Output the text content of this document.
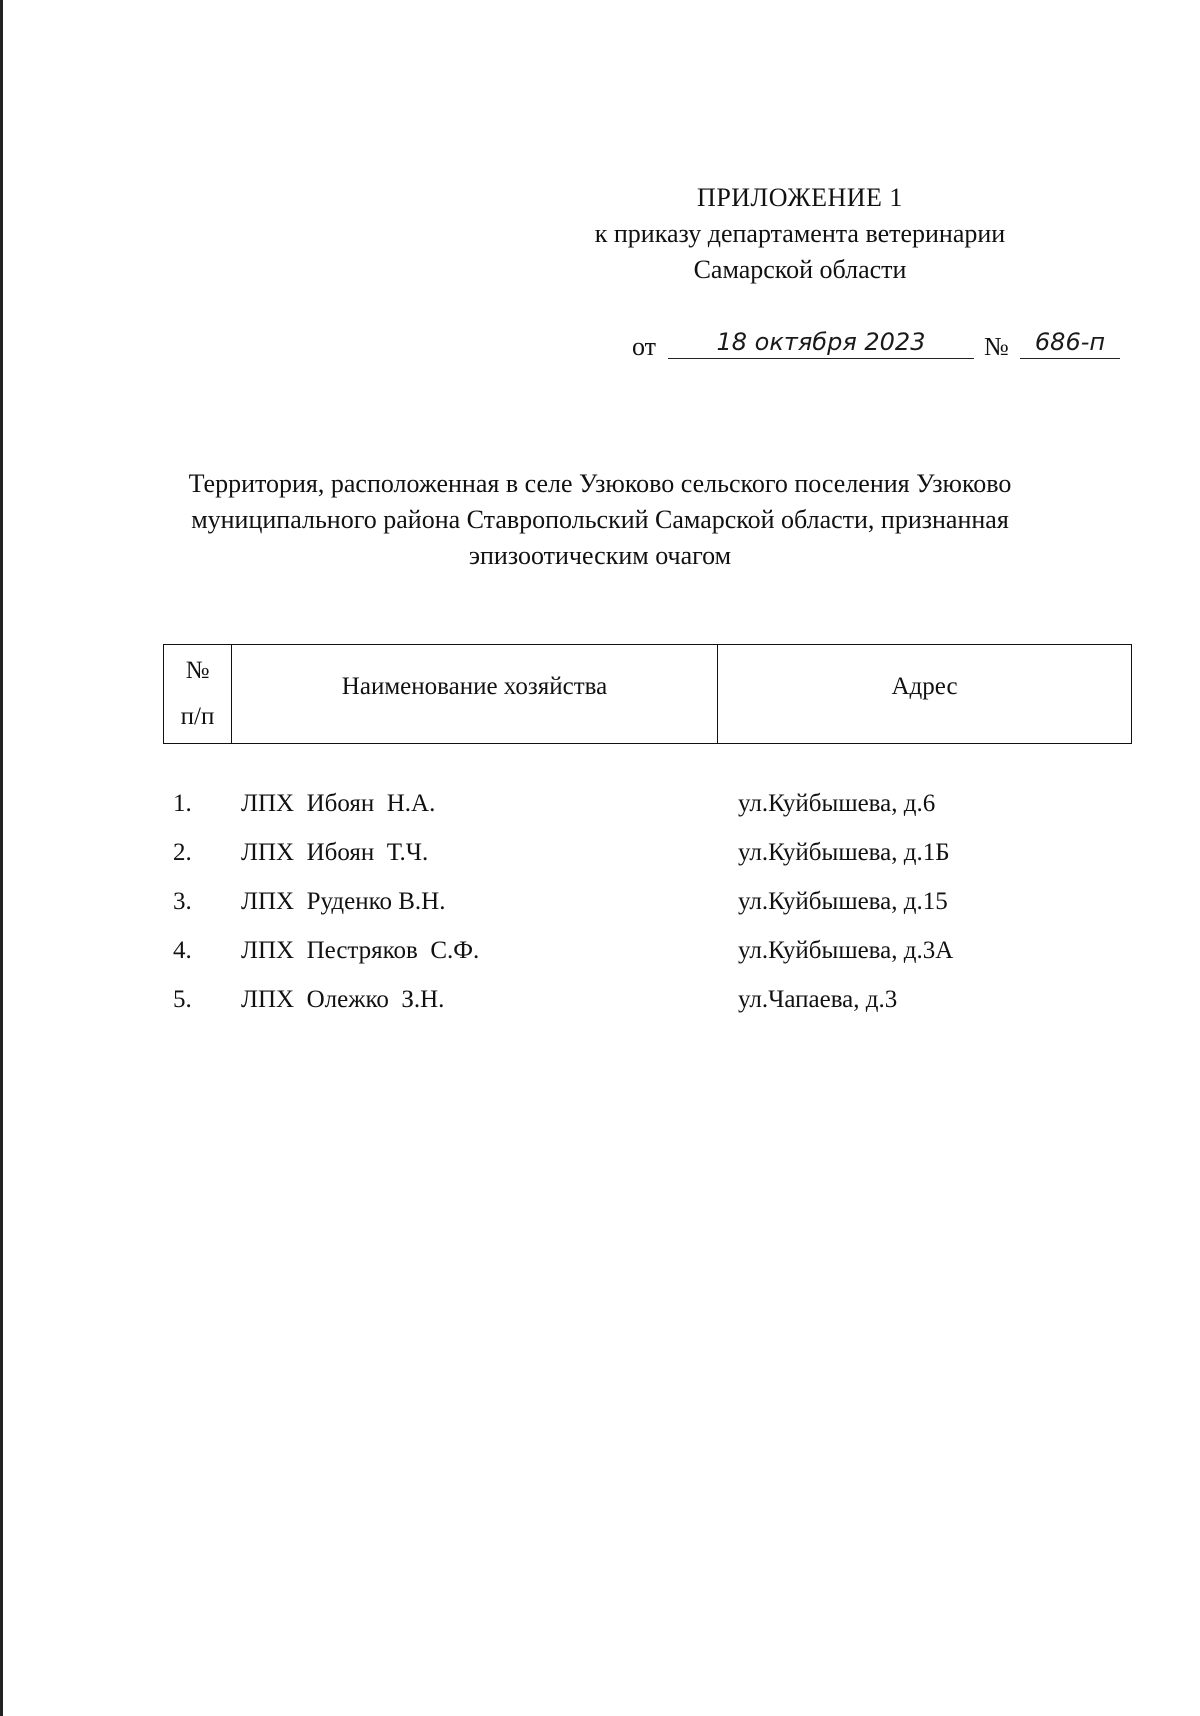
ПРИЛОЖЕНИЕ 1
к приказу департамента ветеринарии
Самарской области
от	18 октября 2023	№	686-п
Территория, расположенная в селе Узюково сельского поселения Узюково
муниципального района Ставропольский Самарской области, признанная
эпизоотическим очагом
№
п/п
Наименование хозяйства	Адрес
1. ЛПХ  Ибоян  Н.А.	ул.Куйбышева, д.6
2. ЛПХ  Ибоян  Т.Ч.	ул.Куйбышева, д.1Б
3. ЛПХ  Руденко В.Н.	ул.Куйбышева, д.15
4. ЛПХ  Пестряков  С.Ф.	ул.Куйбышева, д.3А
5. ЛПХ  Олежко  З.Н.	ул.Чапаева, д.3
